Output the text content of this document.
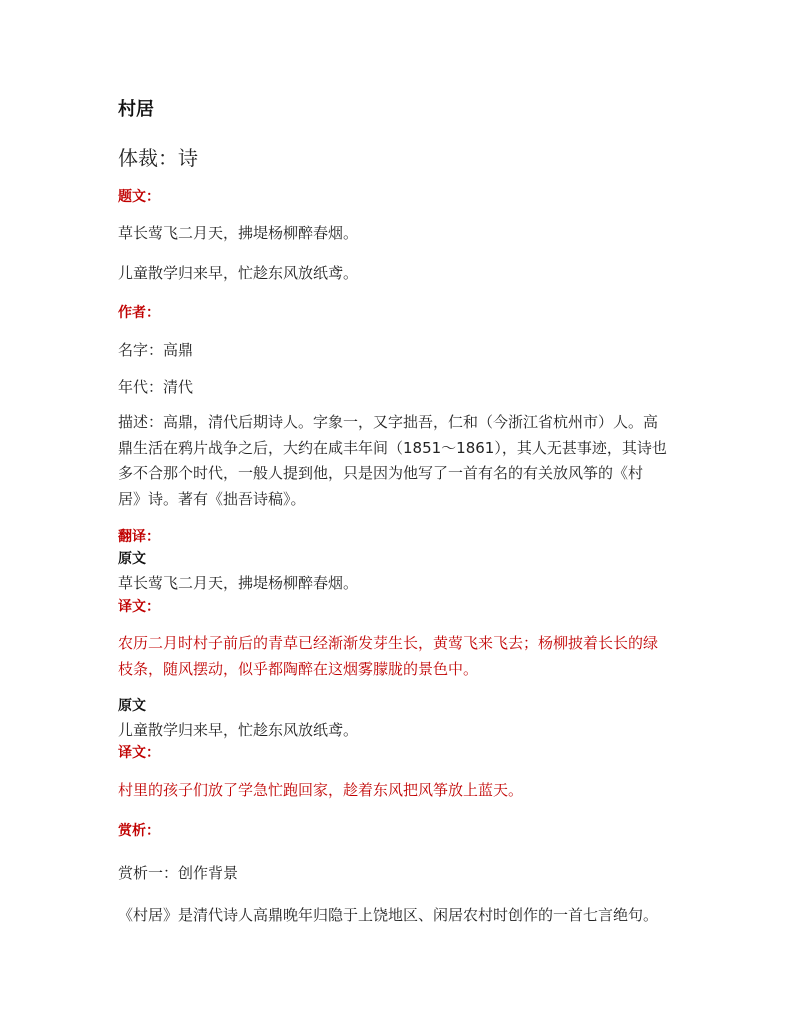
村居

体裁：诗

题文：

草长莺飞二月天，拂堤杨柳醉春烟。

儿童散学归来早，忙趁东风放纸鸢。

作者：

名字：高鼎

年代：清代

描述：高鼎，清代后期诗人。字象一，又字拙吾，仁和（今浙江省杭州市）人。高
鼎生活在鸦片战争之后，大约在咸丰年间（1851～1861），其人无甚事迹，其诗也
多不合那个时代，一般人提到他，只是因为他写了一首有名的有关放风筝的《村
居》诗。著有《拙吾诗稿》。

翻译：

原文

草长莺飞二月天，拂堤杨柳醉春烟。

译文：

农历二月时村子前后的青草已经渐渐发芽生长，黄莺飞来飞去；杨柳披着长长的绿
枝条，随风摆动，似乎都陶醉在这烟雾朦胧的景色中。

原文

儿童散学归来早，忙趁东风放纸鸢。

译文：

村里的孩子们放了学急忙跑回家，趁着东风把风筝放上蓝天。

赏析：

赏析一：创作背景

《村居》是清代诗人高鼎晚年归隐于上饶地区、闲居农村时创作的一首七言绝句。
